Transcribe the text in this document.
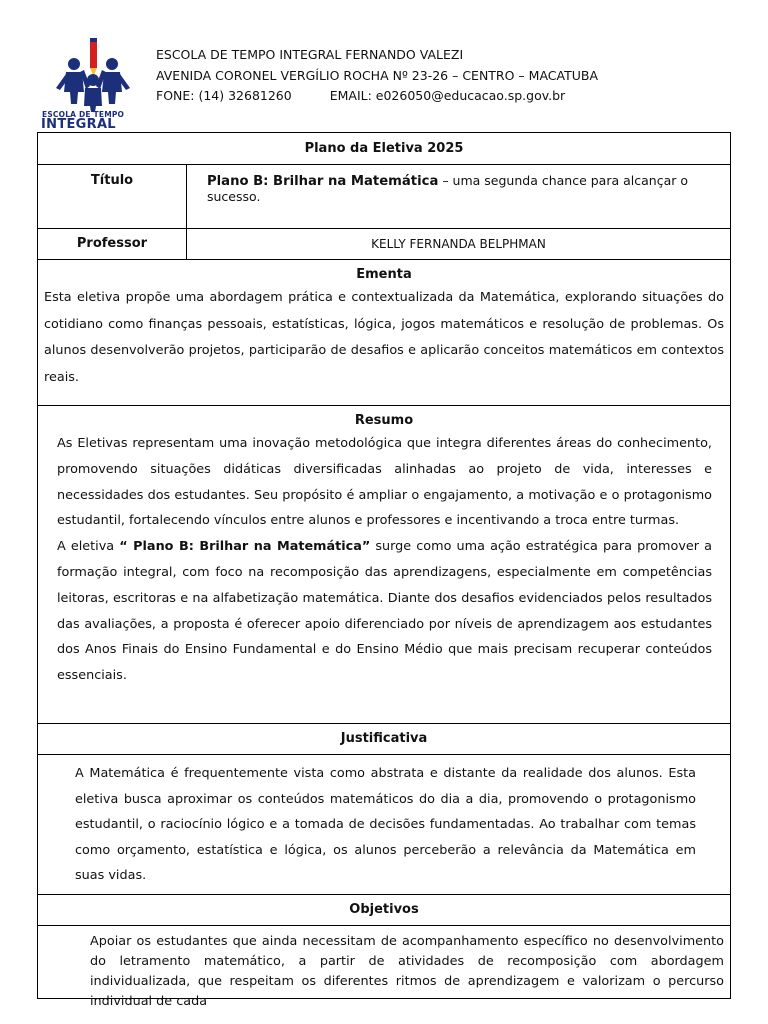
ESCOLA DE TEMPO
INTEGRAL
ESCOLA DE TEMPO INTEGRAL FERNANDO VALEZI
AVENIDA CORONEL VERGÍLIO ROCHA Nº 23-26 – CENTRO – MACATUBA
FONE: (14) 32681260	EMAIL: e026050@educacao.sp.gov.br
Plano da Eletiva 2025
Título	Plano B: Brilhar na Matemática – uma segunda chance para alcançar o sucesso.
Professor	KELLY FERNANDA BELPHMAN
Ementa
Esta eletiva propõe uma abordagem prática e contextualizada da Matemática, explorando situações do cotidiano como finanças pessoais, estatísticas, lógica, jogos matemáticos e resolução de problemas. Os alunos desenvolverão projetos, participarão de desafios e aplicarão conceitos matemáticos em contextos reais.
Resumo

As Eletivas representam uma inovação metodológica que integra diferentes áreas do conhecimento, promovendo situações didáticas diversificadas alinhadas ao projeto de vida, interesses e necessidades dos estudantes. Seu propósito é ampliar o engajamento, a motivação e o protagonismo estudantil, fortalecendo vínculos entre alunos e professores e incentivando a troca entre turmas.

A eletiva “ Plano B: Brilhar na Matemática” surge como uma ação estratégica para promover a formação integral, com foco na recomposição das aprendizagens, especialmente em competências leitoras, escritoras e na alfabetização matemática. Diante dos desafios evidenciados pelos resultados das avaliações, a proposta é oferecer apoio diferenciado por níveis de aprendizagem aos estudantes dos Anos Finais do Ensino Fundamental e do Ensino Médio que mais precisam recuperar conteúdos essenciais.

Justificativa
A Matemática é frequentemente vista como abstrata e distante da realidade dos alunos. Esta eletiva busca aproximar os conteúdos matemáticos do dia a dia, promovendo o protagonismo estudantil, o raciocínio lógico e a tomada de decisões fundamentadas. Ao trabalhar com temas como orçamento, estatística e lógica, os alunos perceberão a relevância da Matemática em suas vidas.
Objetivos
Apoiar os estudantes que ainda necessitam de acompanhamento específico no desenvolvimento do letramento matemático, a partir de atividades de recomposição com abordagem individualizada, que respeitam os diferentes ritmos de aprendizagem e valorizam o percurso individual de cada
